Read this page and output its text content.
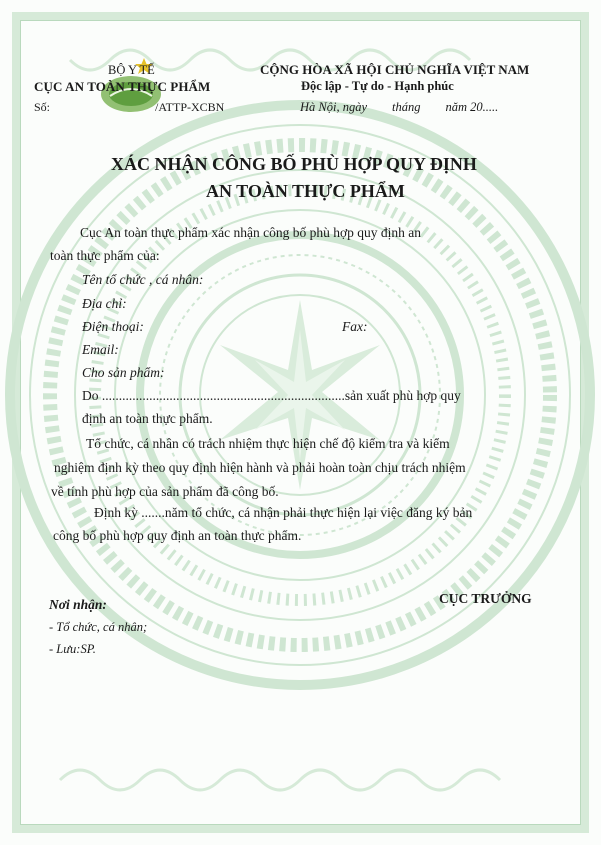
BỘ Y TẾ
CỤC AN TOÀN THỰC PHẨM
Số:	/ATTP-XCBN
CỘNG HÒA XÃ HỘI CHỦ NGHĨA VIỆT NAM
Độc lập - Tự do - Hạnh phúc
Hà Nội, ngày        tháng        năm 20.....
XÁC NHẬN CÔNG BỐ PHÙ HỢP QUY ĐỊNH
AN TOÀN THỰC PHẨM
Cục An toàn thực phẩm xác nhận công bố phù hợp quy định an
toàn thực phẩm của:
Tên tổ chức , cá nhân:
Địa chỉ:
Điện thoại:	Fax:
Email:
Cho sản phẩm:
Do ........................................................................sản xuất phù hợp quy
định an toàn thực phẩm.
Tổ chức, cá nhân có trách nhiệm thực hiện chế độ kiểm tra và kiểm
nghiệm định kỳ theo quy định hiện hành và phải hoàn toàn chịu trách nhiệm
về tính phù hợp của sản phẩm đã công bố.
Định kỳ .......năm tổ chức, cá nhận phải thực hiện lại việc đăng ký bản
công bố phù hợp quy định an toàn thực phẩm.
Nơi nhận:
- Tổ chức, cá nhân;
- Lưu:SP.
CỤC TRƯỞNG
